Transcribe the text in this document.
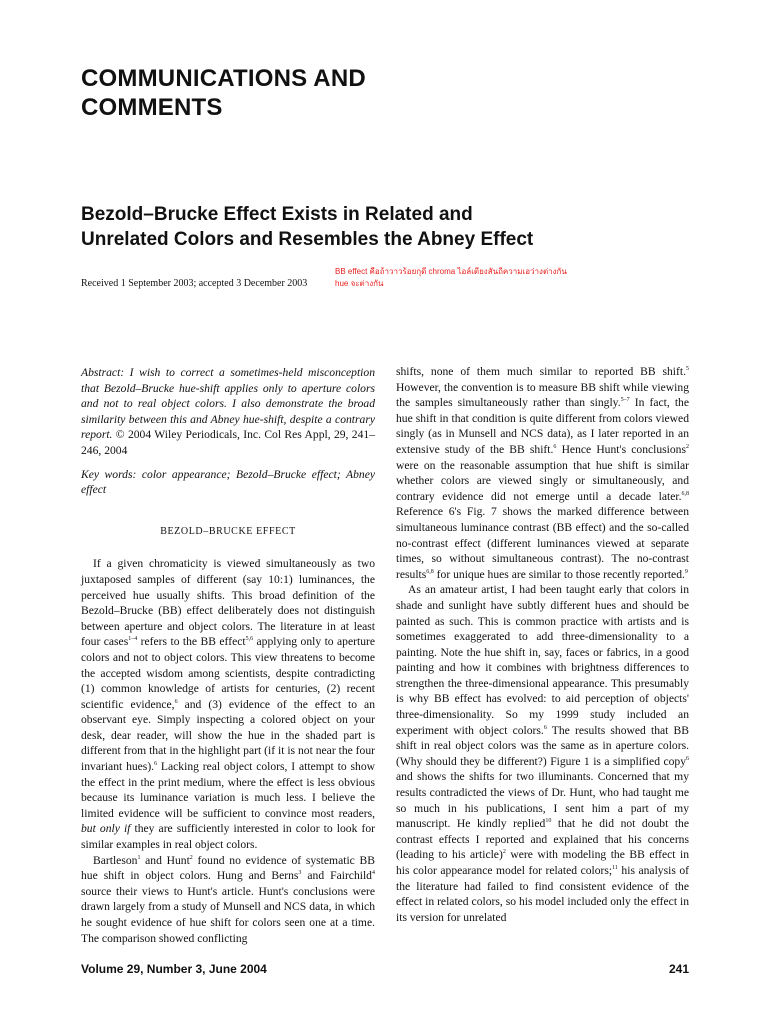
COMMUNICATIONS AND
COMMENTS
Bezold–Brucke Effect Exists in Related and
Unrelated Colors and Resembles the Abney Effect
Received 1 September 2003; accepted 3 December 2003
BB effect คือถ้าวาวร้อยกุดี chroma ไอล์เตียงสันถีความเอว่างต่างกัน
hue จะต่างกัน

Abstract: I wish to correct a sometimes-held misconception that Bezold–Brucke hue-shift applies only to aperture colors and not to real object colors. I also demonstrate the broad similarity between this and Abney hue-shift, despite a contrary report. © 2004 Wiley Periodicals, Inc. Col Res Appl, 29, 241–246, 2004

Key words: color appearance; Bezold–Brucke effect; Abney effect

BEZOLD–BRUCKE EFFECT

If a given chromaticity is viewed simultaneously as two juxtaposed samples of different (say 10:1) luminances, the perceived hue usually shifts. This broad definition of the Bezold–Brucke (BB) effect deliberately does not distinguish between aperture and object colors. The literature in at least four cases$^{1-4}$ refers to the BB effect$^{5,6}$ applying only to aperture colors and not to object colors. This view threatens to become the accepted wisdom among scientists, despite contradicting (1) common knowledge of artists for centuries, (2) recent scientific evidence,$^6$ and (3) evidence of the effect to an observant eye. Simply inspecting a colored object on your desk, dear reader, will show the hue in the shaded part is different from that in the highlight part (if it is not near the four invariant hues).$^6$ Lacking real object colors, I attempt to show the effect in the print medium, where the effect is less obvious because its luminance variation is much less. I believe the limited evidence will be sufficient to convince most readers, but only if they are sufficiently interested in color to look for similar examples in real object colors.

Bartleson$^1$ and Hunt$^2$ found no evidence of systematic BB hue shift in object colors. Hung and Berns$^3$ and Fairchild$^4$ source their views to Hunt's article. Hunt's conclusions were drawn largely from a study of Munsell and NCS data, in which he sought evidence of hue shift for colors seen one at a time. The comparison showed conflicting

shifts, none of them much similar to reported BB shift.$^5$ However, the convention is to measure BB shift while viewing the samples simultaneously rather than singly.$^{5-7}$ In fact, the hue shift in that condition is quite different from colors viewed singly (as in Munsell and NCS data), as I later reported in an extensive study of the BB shift.$^6$ Hence Hunt's conclusions$^2$ were on the reasonable assumption that hue shift is similar whether colors are viewed singly or simultaneously, and contrary evidence did not emerge until a decade later.$^{6,8}$ Reference 6's Fig. 7 shows the marked difference between simultaneous luminance contrast (BB effect) and the so-called no-contrast effect (different luminances viewed at separate times, so without simultaneous contrast). The no-contrast results$^{6,8}$ for unique hues are similar to those recently reported.$^9$

As an amateur artist, I had been taught early that colors in shade and sunlight have subtly different hues and should be painted as such. This is common practice with artists and is sometimes exaggerated to add three-dimensionality to a painting. Note the hue shift in, say, faces or fabrics, in a good painting and how it combines with brightness differences to strengthen the three-dimensional appearance. This presumably is why BB effect has evolved: to aid perception of objects' three-dimensionality. So my 1999 study included an experiment with object colors.$^6$ The results showed that BB shift in real object colors was the same as in aperture colors. (Why should they be different?) Figure 1 is a simplified copy$^6$ and shows the shifts for two illuminants. Concerned that my results contradicted the views of Dr. Hunt, who had taught me so much in his publications, I sent him a part of my manuscript. He kindly replied$^{10}$ that he did not doubt the contrast effects I reported and explained that his concerns (leading to his article)$^2$ were with modeling the BB effect in his color appearance model for related colors;$^{11}$ his analysis of the literature had failed to find consistent evidence of the effect in related colors, so his model included only the effect in its version for unrelated

Volume 29, Number 3, June 2004	241
